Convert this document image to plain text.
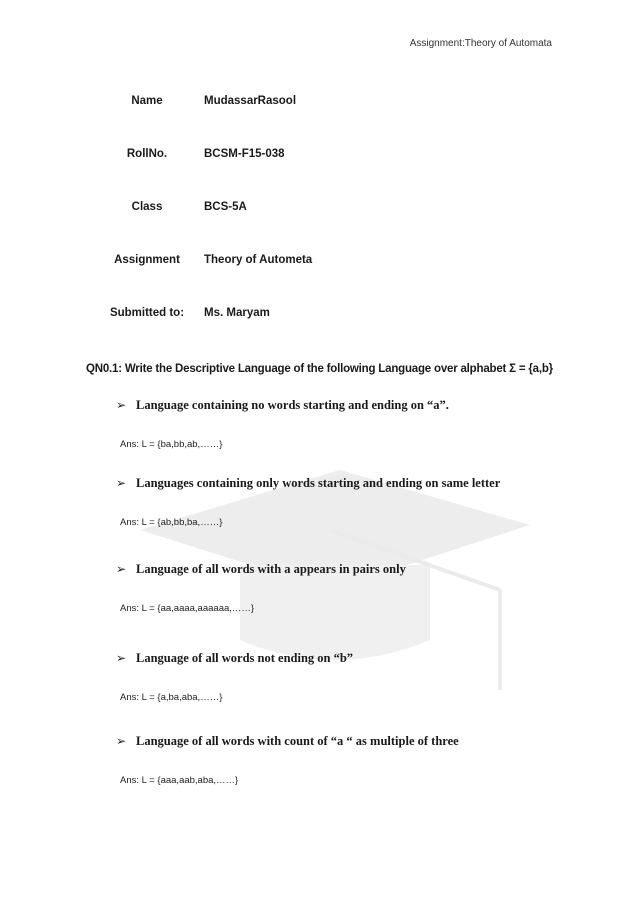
Assignment:Theory of Automata
Name	MudassarRasool
RollNo.	BCSM-F15-038
Class	BCS-5A
Assignment	Theory of Autometa
Submitted to:	Ms. Maryam
QN0.1: Write the Descriptive Language of the following Language over alphabet Σ = {a,b}
➢ Language containing no words starting and ending on “a”.
Ans: L = {ba,bb,ab,……}
➢ Languages containing only words starting and ending on same letter
Ans: L = {ab,bb,ba,……}
➢ Language of all words with a appears in pairs only
Ans: L = {aa,aaaa,aaaaaa,……}
➢ Language of all words not ending on “b”
Ans: L = {a,ba,aba,……}
➢ Language of all words with count of “a “ as multiple of three
Ans: L = {aaa,aab,aba,……}
